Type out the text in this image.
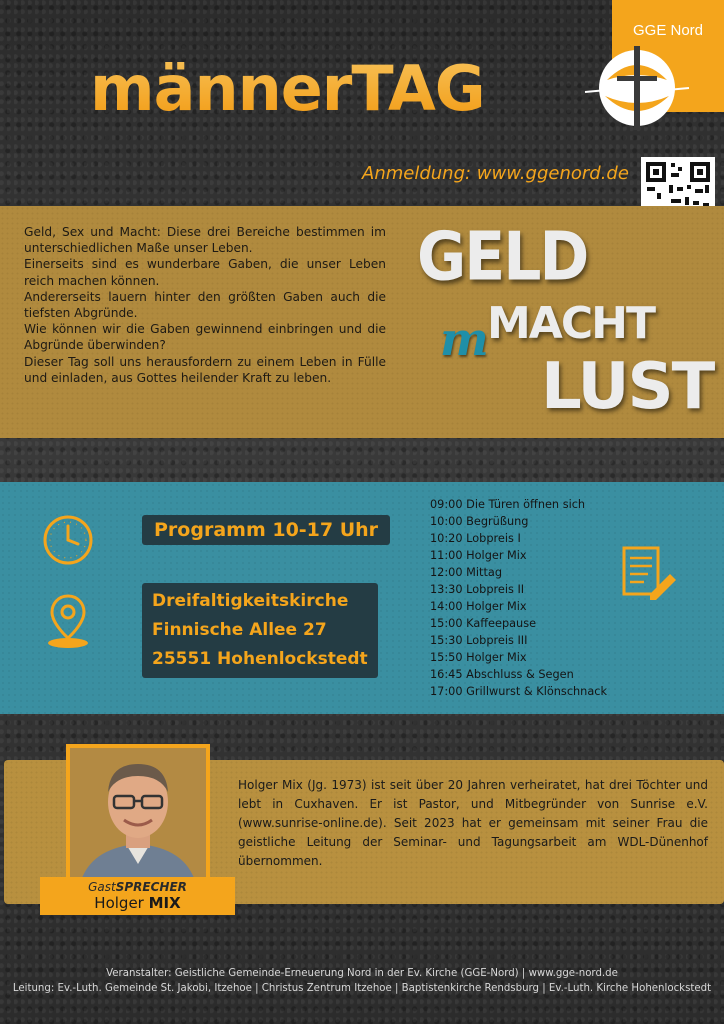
GGE Nord
männerTAG
Anmeldung: www.ggenord.de

Geld, Sex und Macht: Diese drei Bereiche bestimmen im unterschiedlichen Maße unser Leben.

Einerseits sind es wunderbare Gaben, die unser Leben reich machen können.

Andererseits lauern hinter den größten Gaben auch die tiefsten Abgründe.

Wie können wir die Gaben gewinnend einbringen und die Abgründe überwinden?

Dieser Tag soll uns herausfordern zu einem Leben in Fülle und einladen, aus Gottes heilender Kraft zu leben.

GELD
MACHT
m
LUST
Programm 10-17 Uhr
Dreifaltigkeitskirche
Finnische Allee 27
25551 Hohenlockstedt
09:00 Die Türen öffnen sich
10:00 Begrüßung
10:20 Lobpreis I
11:00 Holger Mix
12:00 Mittag
13:30 Lobpreis II
14:00 Holger Mix
15:00 Kaffeepause
15:30 Lobpreis III
15:50 Holger Mix
16:45 Abschluss & Segen
17:00 Grillwurst & Klönschnack
GastSPRECHER
Holger MIX
Holger Mix (Jg. 1973) ist seit über 20 Jahren verheiratet, hat drei Töchter und lebt in Cuxhaven. Er ist Pastor, und Mitbegründer von Sunrise e.V. (www.sunrise-online.de). Seit 2023 hat er gemeinsam mit seiner Frau die geistliche Leitung der Seminar- und Tagungsarbeit am WDL-Dünenhof übernommen.
Veranstalter: Geistliche Gemeinde-Erneuerung Nord in der Ev. Kirche (GGE-Nord) | www.gge-nord.de
Leitung: Ev.-Luth. Gemeinde St. Jakobi, Itzehoe | Christus Zentrum Itzehoe | Baptistenkirche Rendsburg | Ev.-Luth. Kirche Hohenlockstedt
